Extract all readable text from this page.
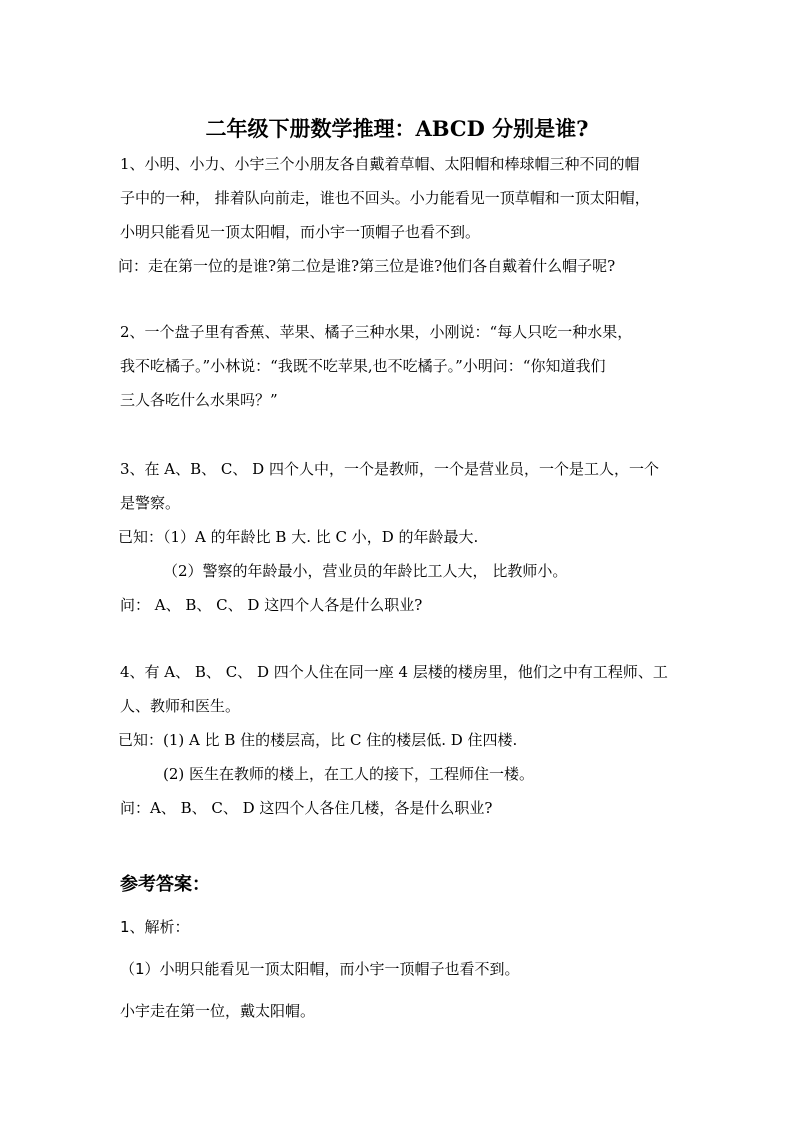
二年级下册数学推理：ABCD 分别是谁?
1、小明、小力、小宇三个小朋友各自戴着草帽、太阳帽和棒球帽三种不同的帽
子中的一种， 排着队向前走，谁也不回头。小力能看见一顶草帽和一顶太阳帽，
小明只能看见一顶太阳帽，而小宇一顶帽子也看不到。
问：走在第一位的是谁?第二位是谁?第三位是谁?他们各自戴着什么帽子呢?
2、一个盘子里有香蕉、苹果、橘子三种水果，小刚说：“每人只吃一种水果，
我不吃橘子。”小林说：“我既不吃苹果,也不吃橘子。”小明问：“你知道我们
三人各吃什么水果吗？”
3、在 A、B、 C、 D 四个人中，一个是教师，一个是营业员，一个是工人，一个
是警察。
已知：（1）A 的年龄比 B 大. 比 C 小，D 的年龄最大.
（2）警察的年龄最小，营业员的年龄比工人大， 比教师小。
问： A、 B、 C、 D 这四个人各是什么职业?
4、有 A、 B、 C、 D 四个人住在同一座 4 层楼的楼房里，他们之中有工程师、工
人、教师和医生。
已知：(1) A 比 B 住的楼层高，比 C 住的楼层低. D 住四楼.
(2) 医生在教师的楼上，在工人的接下，工程师住一楼。
问：A、 B、 C、 D 这四个人各住几楼，各是什么职业?
参考答案：
1、解析：
（1）小明只能看见一顶太阳帽，而小宇一顶帽子也看不到。
小宇走在第一位，戴太阳帽。
